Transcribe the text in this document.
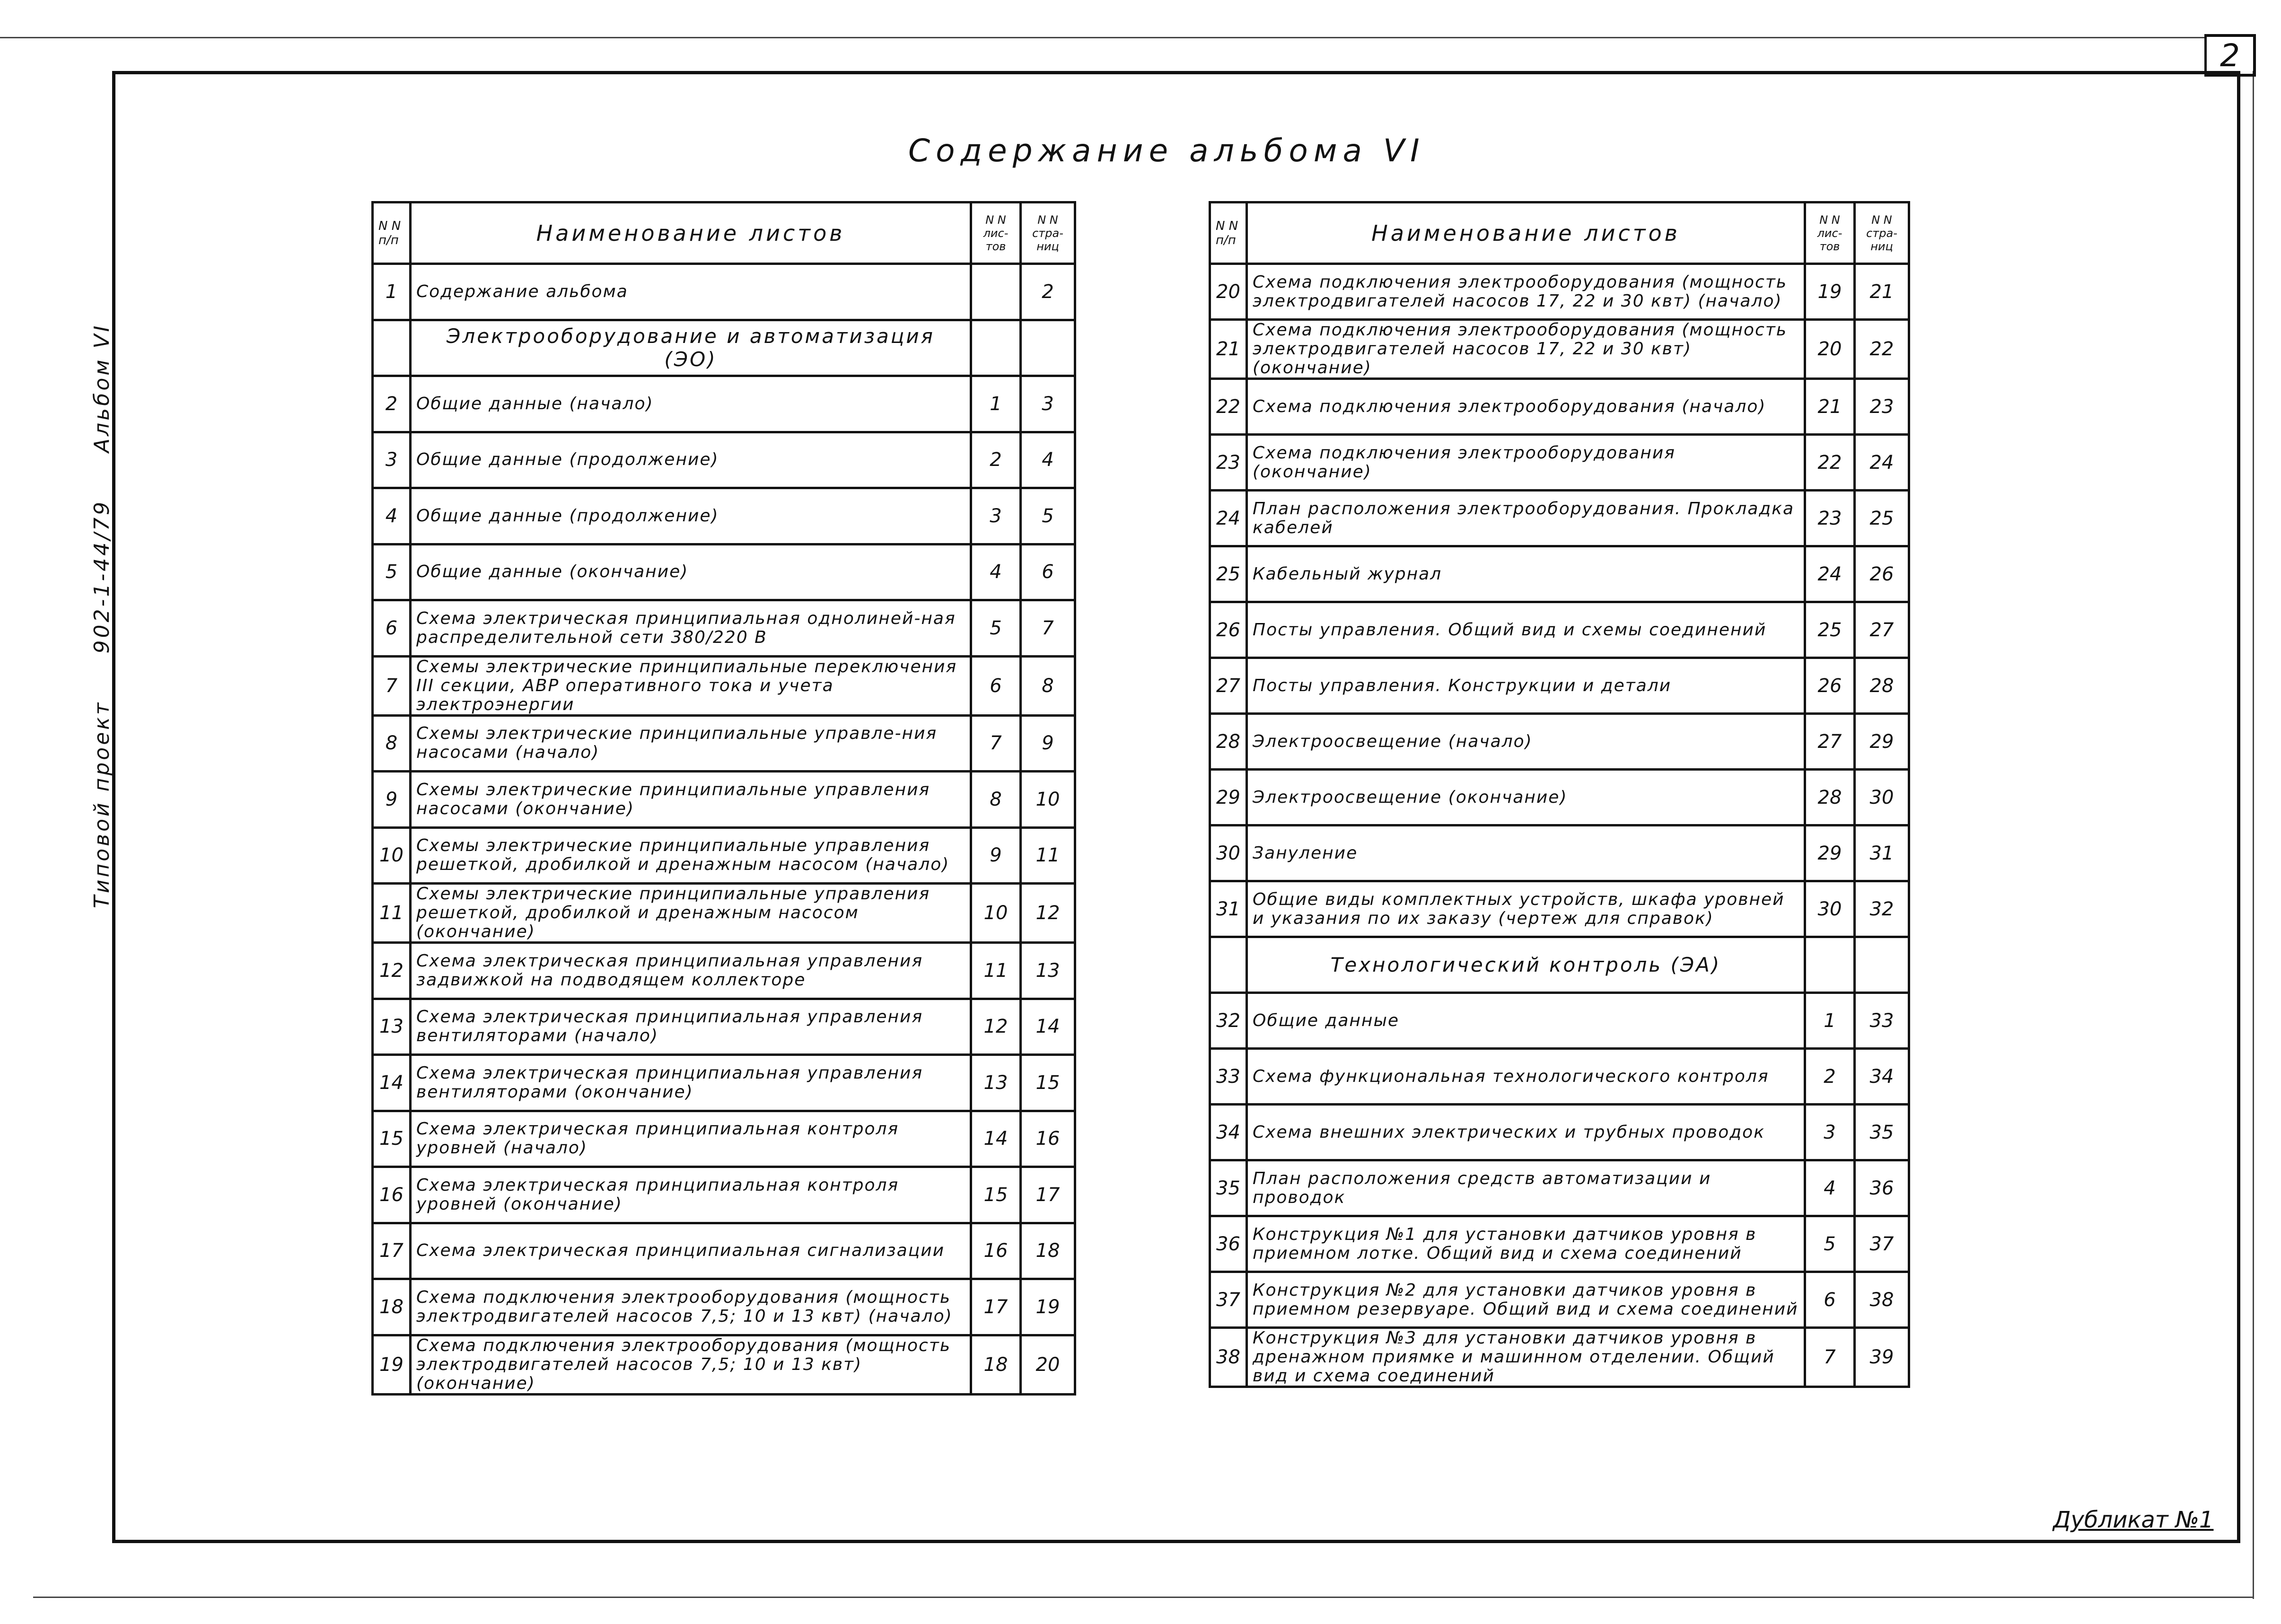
2
Типовой проект 902-1-44/79 Альбом VI
Содержание альбома VI
N N п/п	Наименование листов	N N лис-тов	N N стра-ниц
1	Содержание альбома		2
	Электрооборудование и автоматизация (ЭО)		
2	Общие данные (начало)	1	3
3	Общие данные (продолжение)	2	4
4	Общие данные (продолжение)	3	5
5	Общие данные (окончание)	4	6
6	Схема электрическая принципиальная однолиней-ная распределительной сети 380/220 В	5	7
7	Схемы электрические принципиальные переключения III секции, АВР оперативного тока и учета электроэнергии	6	8
8	Схемы электрические принципиальные управле-ния насосами (начало)	7	9
9	Схемы электрические принципиальные управления насосами (окончание)	8	10
10	Схемы электрические принципиальные управления решеткой, дробилкой и дренажным насосом (начало)	9	11
11	Схемы электрические принципиальные управления решеткой, дробилкой и дренажным насосом (окончание)	10	12
12	Схема электрическая принципиальная управления задвижкой на подводящем коллекторе	11	13
13	Схема электрическая принципиальная управления вентиляторами (начало)	12	14
14	Схема электрическая принципиальная управления вентиляторами (окончание)	13	15
15	Схема электрическая принципиальная контроля уровней (начало)	14	16
16	Схема электрическая принципиальная контроля уровней (окончание)	15	17
17	Схема электрическая принципиальная сигнализации	16	18
18	Схема подключения электрооборудования (мощность электродвигателей насосов 7,5; 10 и 13 квт) (начало)	17	19
19	Схема подключения электрооборудования (мощность электродвигателей насосов 7,5; 10 и 13 квт) (окончание)	18	20
N N п/п	Наименование листов	N N лис-тов	N N стра-ниц
20	Схема подключения электрооборудования (мощность электродвигателей насосов 17, 22 и 30 квт) (начало)	19	21
21	Схема подключения электрооборудования (мощность электродвигателей насосов 17, 22 и 30 квт) (окончание)	20	22
22	Схема подключения электрооборудования (начало)	21	23
23	Схема подключения электрооборудования (окончание)	22	24
24	План расположения электрооборудования. Прокладка кабелей	23	25
25	Кабельный журнал	24	26
26	Посты управления. Общий вид и схемы соединений	25	27
27	Посты управления. Конструкции и детали	26	28
28	Электроосвещение (начало)	27	29
29	Электроосвещение (окончание)	28	30
30	Зануление	29	31
31	Общие виды комплектных устройств, шкафа уровней и указания по их заказу (чертеж для справок)	30	32
	Технологический контроль (ЭА)		
32	Общие данные	1	33
33	Схема функциональная технологического контроля	2	34
34	Схема внешних электрических и трубных проводок	3	35
35	План расположения средств автоматизации и проводок	4	36
36	Конструкция №1 для установки датчиков уровня в приемном лотке. Общий вид и схема соединений	5	37
37	Конструкция №2 для установки датчиков уровня в приемном резервуаре. Общий вид и схема соединений	6	38
38	Конструкция №3 для установки датчиков уровня в дренажном приямке и машинном отделении. Общий вид и схема соединений	7	39
Дубликат №1
